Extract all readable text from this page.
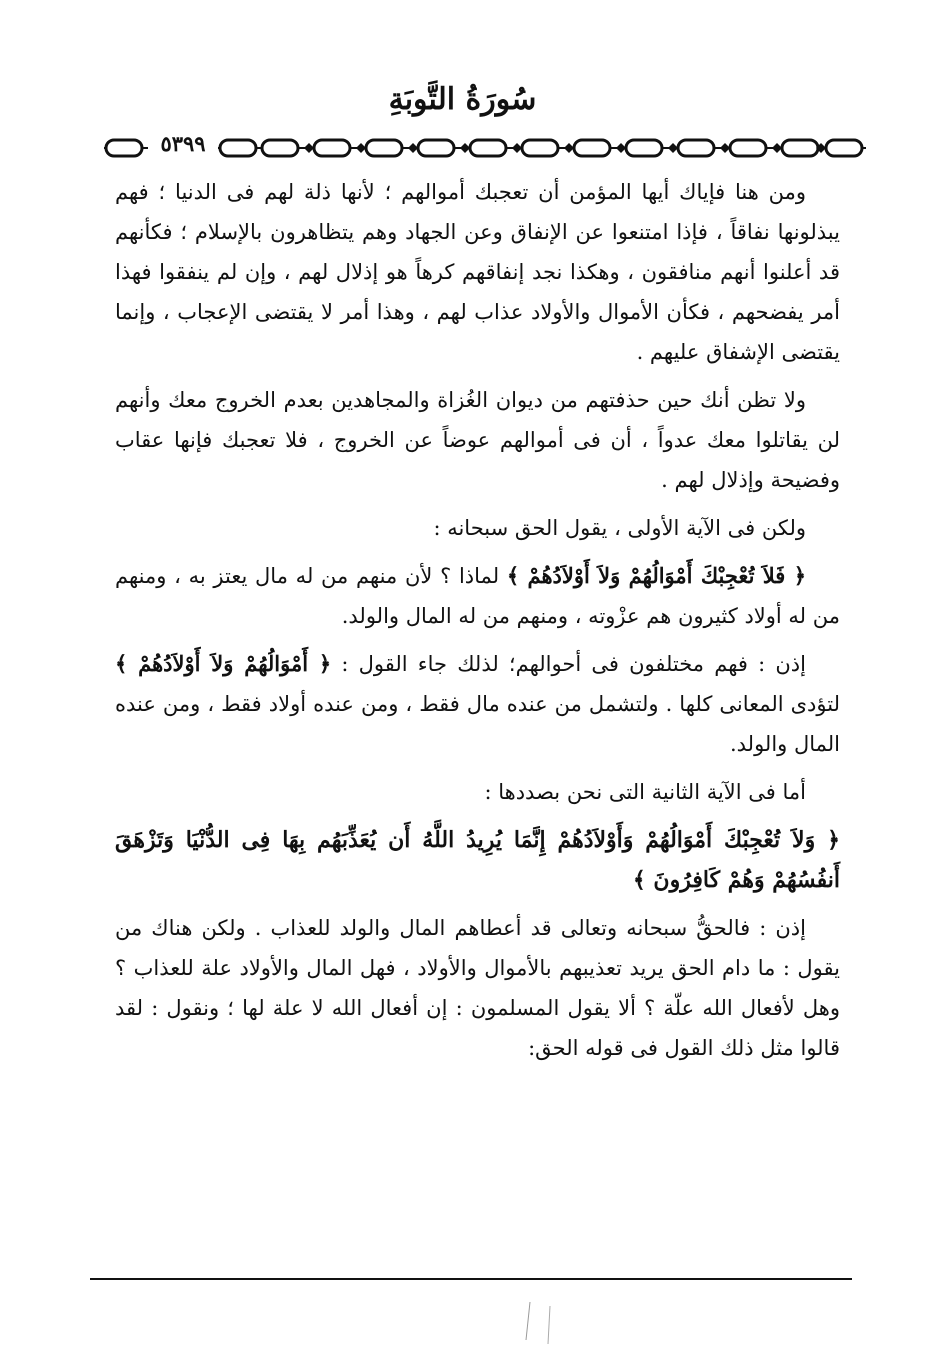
سُورَةُ التَّوبَةِ
٥٣٩٩

ومن هنا فإياك أيها المؤمن أن تعجبك أموالهم ؛ لأنها ذلة لهم فى الدنيا ؛ فهم يبذلونها نفاقاً ، فإذا امتنعوا عن الإنفاق وعن الجهاد وهم يتظاهرون بالإسلام ؛ فكأنهم قد أعلنوا أنهم منافقون ، وهكذا نجد إنفاقهم كرهاً هو إذلال لهم ، وإن لم ينفقوا فهذا أمر يفضحهم ، فكأن الأموال والأولاد عذاب لهم ، وهذا أمر لا يقتضى الإعجاب ، وإنما يقتضى الإشفاق عليهم .

ولا تظن أنك حين حذفتهم من ديوان الغُزاة والمجاهدين بعدم الخروج معك وأنهم لن يقاتلوا معك عدواً ، أن فى أموالهم عوضاً عن الخروج ، فلا تعجبك فإنها عقاب وفضيحة وإذلال لهم .

ولكن فى الآية الأولى ، يقول الحق سبحانه :

﴿ فَلاَ تُعْجِبْكَ أَمْوَالُهُمْ وَلاَ أَوْلاَدُهُمْ ﴾ لماذا ؟ لأن منهم من له مال يعتز به ، ومنهم من له أولاد كثيرون هم عزْوته ، ومنهم من له المال والولد.

إذن : فهم مختلفون فى أحوالهم؛ لذلك جاء القول : ﴿ أَمْوَالُهُمْ وَلاَ أَوْلاَدُهُمْ ﴾ لتؤدى المعانى كلها . ولتشمل من عنده مال فقط ، ومن عنده أولاد فقط ، ومن عنده المال والولد.

أما فى الآية الثانية التى نحن بصددها :

﴿ وَلاَ تُعْجِبْكَ أَمْوَالُهُمْ وَأَوْلاَدُهُمْ إِنَّمَا يُرِيدُ اللَّهُ أَن يُعَذِّبَهُم بِهَا فِى الدُّنْيَا وَتَزْهَقَ أَنفُسُهُمْ وَهُمْ كَافِرُونَ ﴾

إذن : فالحقُّ سبحانه وتعالى قد أعطاهم المال والولد للعذاب . ولكن هناك من يقول : ما دام الحق يريد تعذيبهم بالأموال والأولاد ، فهل المال والأولاد علة للعذاب ؟ وهل لأفعال الله علّة ؟ ألا يقول المسلمون : إن أفعال الله لا علة لها ؛ ونقول : لقد قالوا مثل ذلك القول فى قوله الحق:
